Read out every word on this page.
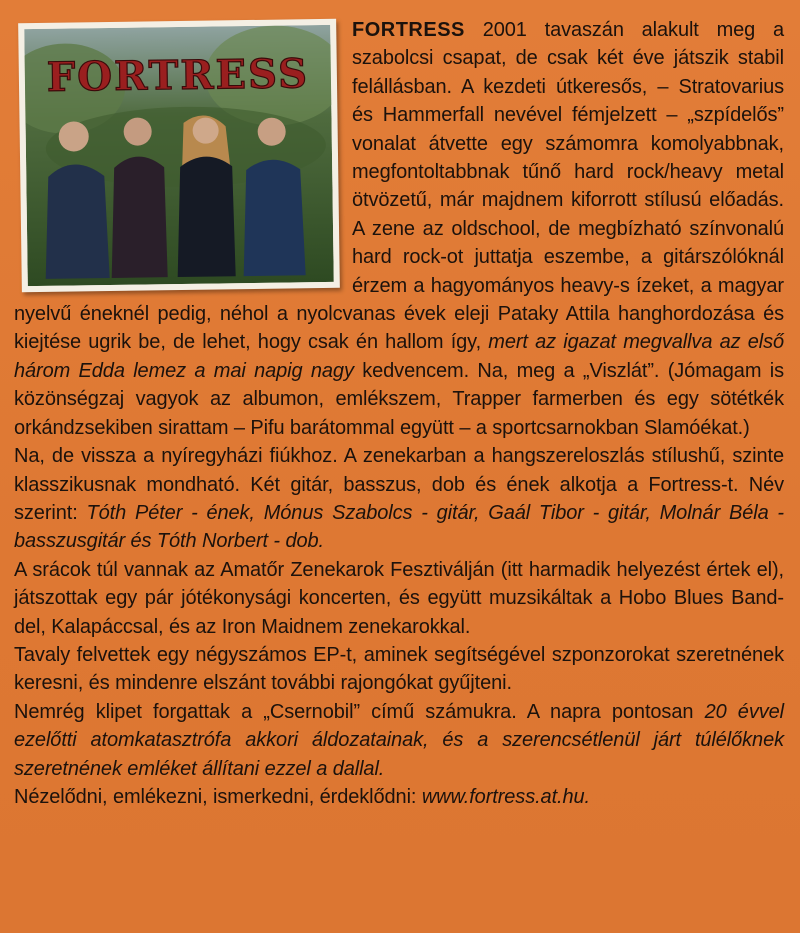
FORTRESS

FORTRESS 2001 tavaszán alakult meg a szabolcsi csapat, de csak két éve játszik stabil felállásban. A kezdeti útkeresős, – Stratovarius és Hammerfall nevével fémjelzett – „szpídelős” vonalat átvette egy számomra komolyabbnak, megfontoltabbnak tűnő hard rock/heavy metal ötvözetű, már majdnem kiforrott stílusú előadás. A zene az oldschool, de megbízható színvonalú hard rock-ot juttatja eszembe, a gitárszólóknál érzem a hagyományos heavy-s ízeket, a magyar nyelvű éneknél pedig, néhol a nyolcvanas évek eleji Pataky Attila hanghordozása és kiejtése ugrik be, de lehet, hogy csak én hallom így, mert az igazat megvallva az első három Edda lemez a mai napig nagy kedvencem. Na, meg a „Viszlát”. (Jómagam is közönségzaj vagyok az albumon, emlékszem, Trapper farmerben és egy sötétkék orkándzsekiben sirattam – Pifu barátommal együtt – a sportcsarnokban Slamóékat.)

Na, de vissza a nyíregyházi fiúkhoz. A zenekarban a hangszereloszlás stílushű, szinte klasszikusnak mondható. Két gitár, basszus, dob és ének alkotja a Fortress-t. Név szerint: Tóth Péter - ének, Mónus Szabolcs - gitár, Gaál Tibor - gitár, Molnár Béla - basszusgitár és Tóth Norbert - dob.

A srácok túl vannak az Amatőr Zenekarok Fesztiválján (itt harmadik helyezést értek el), játszottak egy pár jótékonysági koncerten, és együtt muzsikáltak a Hobo Blues Band-del, Kalapáccsal, és az Iron Maidnem zenekarokkal.

Tavaly felvettek egy négyszámos EP-t, aminek segítségével szponzorokat szeretnének keresni, és mindenre elszánt további rajongókat gyűjteni.

Nemrég klipet forgattak a „Csernobil” című számukra. A napra pontosan 20 évvel ezelőtti atomkatasztrófa akkori áldozatainak, és a szerencsétlenül járt túlélőknek szeretnének emléket állítani ezzel a dallal.

Nézelődni, emlékezni, ismerkedni, érdeklődni: www.fortress.at.hu.
